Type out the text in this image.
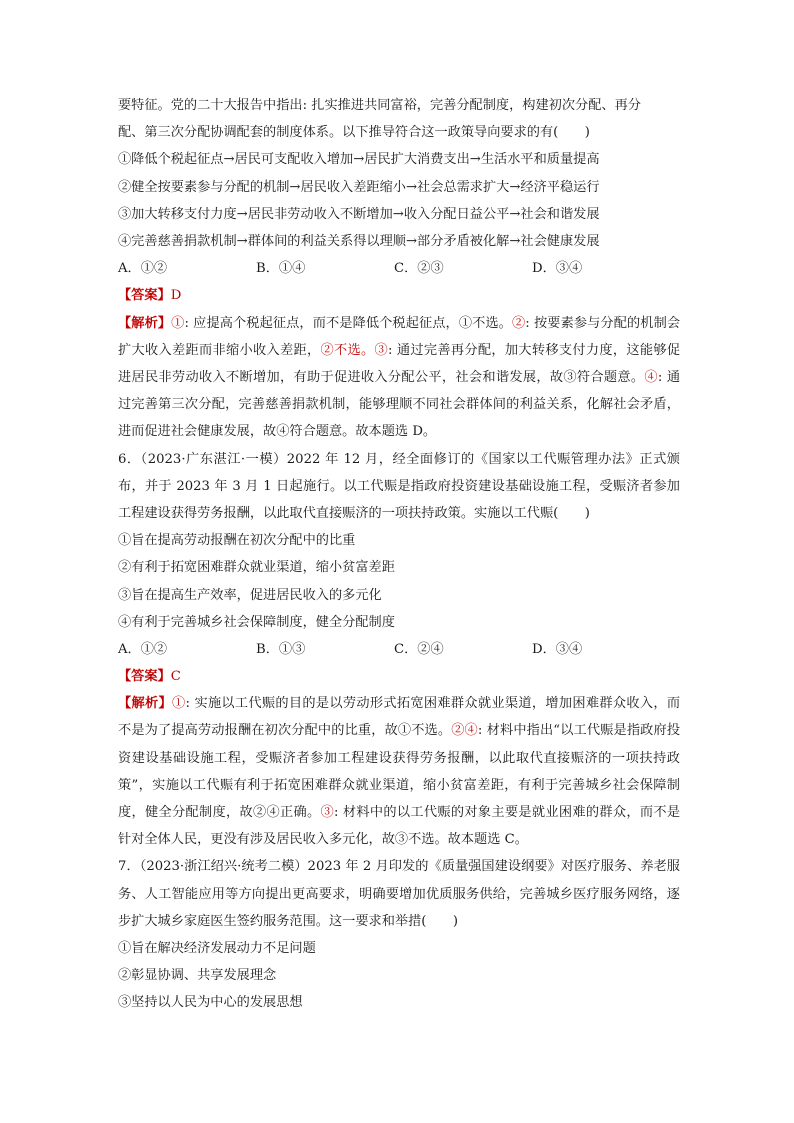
要特征。党的二十大报告中指出: 扎实推进共同富裕，完善分配制度，构建初次分配、再分
配、第三次分配协调配套的制度体系。以下推导符合这一政策导向要求的有(　　)
①降低个税起征点→居民可支配收入增加→居民扩大消费支出→生活水平和质量提高
②健全按要素参与分配的机制→居民收入差距缩小→社会总需求扩大→经济平稳运行
③加大转移支付力度→居民非劳动收入不断增加→收入分配日益公平→社会和谐发展
④完善慈善捐款机制→群体间的利益关系得以理顺→部分矛盾被化解→社会健康发展
A．①②	B．①④	C．②③	D．③④
【答案】D
【解析】①: 应提高个税起征点，而不是降低个税起征点，①不选。②: 按要素参与分配的机制会扩大收入差距而非缩小收入差距，②不选。③: 通过完善再分配，加大转移支付力度，这能够促进居民非劳动收入不断增加，有助于促进收入分配公平，社会和谐发展，故③符合题意。④: 通过完善第三次分配，完善慈善捐款机制，能够理顺不同社会群体间的利益关系，化解社会矛盾，进而促进社会健康发展，故④符合题意。故本题选 D。
6．（2023·广东湛江·一模）2022 年 12 月，经全面修订的《国家以工代赈管理办法》正式颁布，并于 2023 年 3 月 1 日起施行。以工代赈是指政府投资建设基础设施工程，受赈济者参加工程建设获得劳务报酬，以此取代直接赈济的一项扶持政策。实施以工代赈(　　)
①旨在提高劳动报酬在初次分配中的比重
②有利于拓宽困难群众就业渠道，缩小贫富差距
③旨在提高生产效率，促进居民收入的多元化
④有利于完善城乡社会保障制度，健全分配制度
A．①②	B．①③	C．②④	D．③④
【答案】C
【解析】①: 实施以工代赈的目的是以劳动形式拓宽困难群众就业渠道，增加困难群众收入，而不是为了提高劳动报酬在初次分配中的比重，故①不选。②④: 材料中指出“以工代赈是指政府投资建设基础设施工程，受赈济者参加工程建设获得劳务报酬，以此取代直接赈济的一项扶持政策”，实施以工代赈有利于拓宽困难群众就业渠道，缩小贫富差距，有利于完善城乡社会保障制度，健全分配制度，故②④正确。③: 材料中的以工代赈的对象主要是就业困难的群众，而不是针对全体人民，更没有涉及居民收入多元化，故③不选。故本题选 C。
7．（2023·浙江绍兴·统考二模）2023 年 2 月印发的《质量强国建设纲要》对医疗服务、养老服务、人工智能应用等方向提出更高要求，明确要增加优质服务供给，完善城乡医疗服务网络，逐步扩大城乡家庭医生签约服务范围。这一要求和举措(　　)
①旨在解决经济发展动力不足问题
②彰显协调、共享发展理念
③坚持以人民为中心的发展思想
